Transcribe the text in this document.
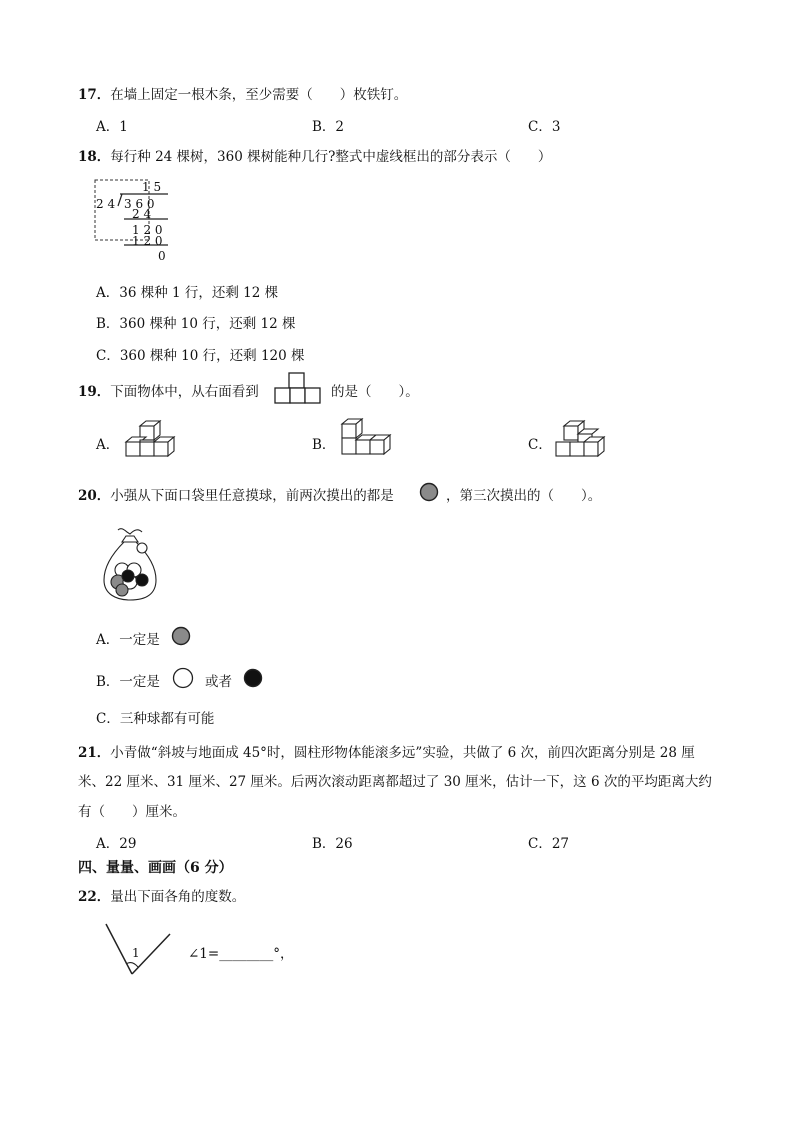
17．在墙上固定一根木条，至少需要（　　）枚铁钉。
A．1	B．2	C．3
18．每行种 24 棵树，360 棵树能种几行?整式中虚线框出的部分表示（　　）
1 5
2 4 3 6 0
2 4
1 2 0
1 2 0
0
A．36 棵种 1 行，还剩 12 棵
B．360 棵种 10 行，还剩 12 棵
C．360 棵种 10 行，还剩 120 棵
19．下面物体中，从右面看到	的是（　　）。
A．	B．	C．
20．小强从下面口袋里任意摸球，前两次摸出的都是	，第三次摸出的（　　）。
A．一定是
B．一定是	或者
C．三种球都有可能
21．小青做“斜坡与地面成 45°时，圆柱形物体能滚多远”实验，共做了 6 次，前四次距离分别是 28 厘
米、22 厘米、31 厘米、27 厘米。后两次滚动距离都超过了 30 厘米，估计一下，这 6 次的平均距离大约
有（　　）厘米。
A．29	B．26	C．27
四、量量、画画（6 分）
22．量出下面各角的度数。
1	∠1=________°，
